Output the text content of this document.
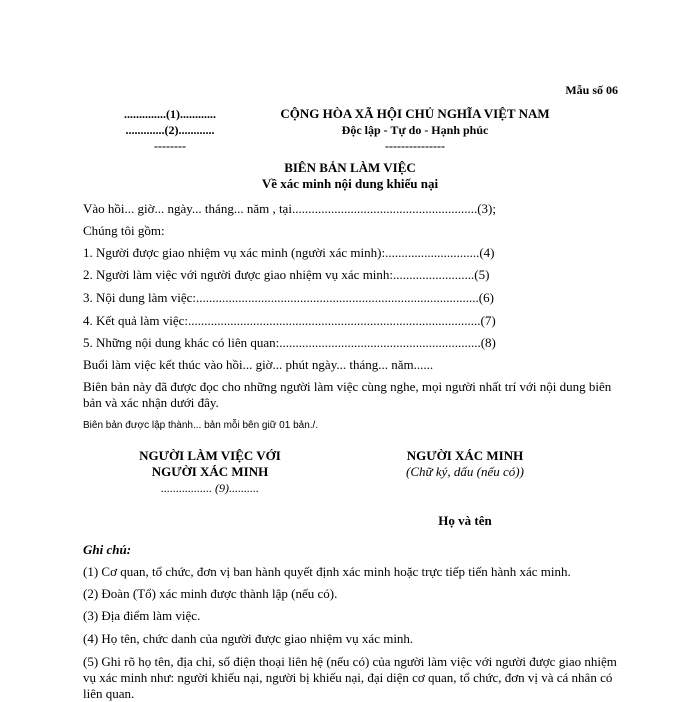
Mẫu số 06
..............(1)............
.............(2)............
--------
CỘNG HÒA XÃ HỘI CHỦ NGHĨA VIỆT NAM
Độc lập - Tự do - Hạnh phúc
---------------
BIÊN BẢN LÀM VIỆC
Về xác minh nội dung khiếu nại
Vào hồi... giờ... ngày... tháng... năm , tại.........................................................(3);
Chúng tôi gồm:
1. Người được giao nhiệm vụ xác minh (người xác minh):.............................(4)
2. Người làm việc với người được giao nhiệm vụ xác minh:.........................(5)
3. Nội dung làm việc:.......................................................................................(6)
4. Kết quả làm việc:..........................................................................................(7)
5. Những nội dung khác có liên quan:..............................................................(8)
Buổi làm việc kết thúc vào hồi... giờ... phút ngày... tháng... năm......
Biên bản này đã được đọc cho những người làm việc cùng nghe, mọi người nhất trí với nội dung biên bản và xác nhận dưới đây.
Biên bản được lập thành... bản mỗi bên giữ 01 bản./.
NGƯỜI LÀM VIỆC VỚI
NGƯỜI XÁC MINH
................. (9)..........
NGƯỜI XÁC MINH
(Chữ ký, dấu (nếu có))
Họ và tên
Ghi chú:
(1) Cơ quan, tổ chức, đơn vị ban hành quyết định xác minh hoặc trực tiếp tiến hành xác minh.
(2) Đoàn (Tổ) xác minh được thành lập (nếu có).
(3) Địa điểm làm việc.
(4) Họ tên, chức danh của người được giao nhiệm vụ xác minh.
(5) Ghi rõ họ tên, địa chỉ, số điện thoại liên hệ (nếu có) của người làm việc với người được giao nhiệm vụ xác minh như: người khiếu nại, người bị khiếu nại, đại diện cơ quan, tổ chức, đơn vị và cá nhân có liên quan.
